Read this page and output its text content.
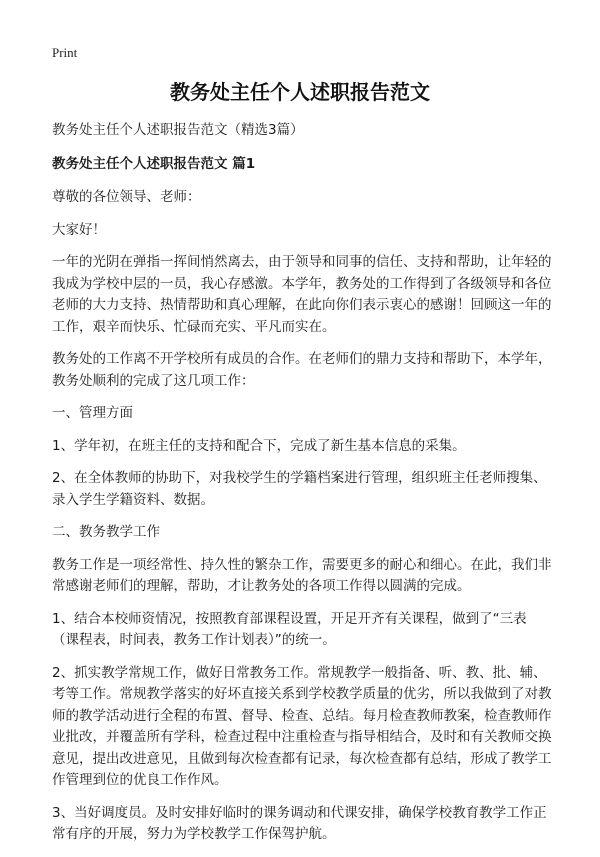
Print
教务处主任个人述职报告范文

教务处主任个人述职报告范文（精选3篇）

教务处主任个人述职报告范文 篇1

尊敬的各位领导、老师：

大家好！

一年的光阴在弹指一挥间悄然离去，由于领导和同事的信任、支持和帮助，让年轻的我成为学校中层的一员，我心存感激。本学年，教务处的工作得到了各级领导和各位老师的大力支持、热情帮助和真心理解，在此向你们表示衷心的感谢！回顾这一年的工作，艰辛而快乐、忙碌而充实、平凡而实在。

教务处的工作离不开学校所有成员的合作。在老师们的鼎力支持和帮助下，本学年，教务处顺利的完成了这几项工作：

一、管理方面

1、学年初，在班主任的支持和配合下，完成了新生基本信息的采集。

2、在全体教师的协助下，对我校学生的学籍档案进行管理，组织班主任老师搜集、录入学生学籍资料、数据。

二、教务教学工作

教务工作是一项经常性、持久性的繁杂工作，需要更多的耐心和细心。在此，我们非常感谢老师们的理解，帮助，才让教务处的各项工作得以圆满的完成。

1、结合本校师资情况，按照教育部课程设置，开足开齐有关课程，做到了“三表（课程表，时间表，教务工作计划表）”的统一。

2、抓实教学常规工作，做好日常教务工作。常规教学一般指备、听、教、批、辅、考等工作。常规教学落实的好坏直接关系到学校教学质量的优劣，所以我做到了对教师的教学活动进行全程的布置、督导、检查、总结。每月检查教师教案，检查教师作业批改，并覆盖所有学科，检查过程中注重检查与指导相结合，及时和有关教师交换意见，提出改进意见，且做到每次检查都有记录，每次检查都有总结，形成了教学工作管理到位的优良工作作风。

3、当好调度员。及时安排好临时的课务调动和代课安排，确保学校教育教学工作正常有序的开展，努力为学校教学工作保驾护航。
